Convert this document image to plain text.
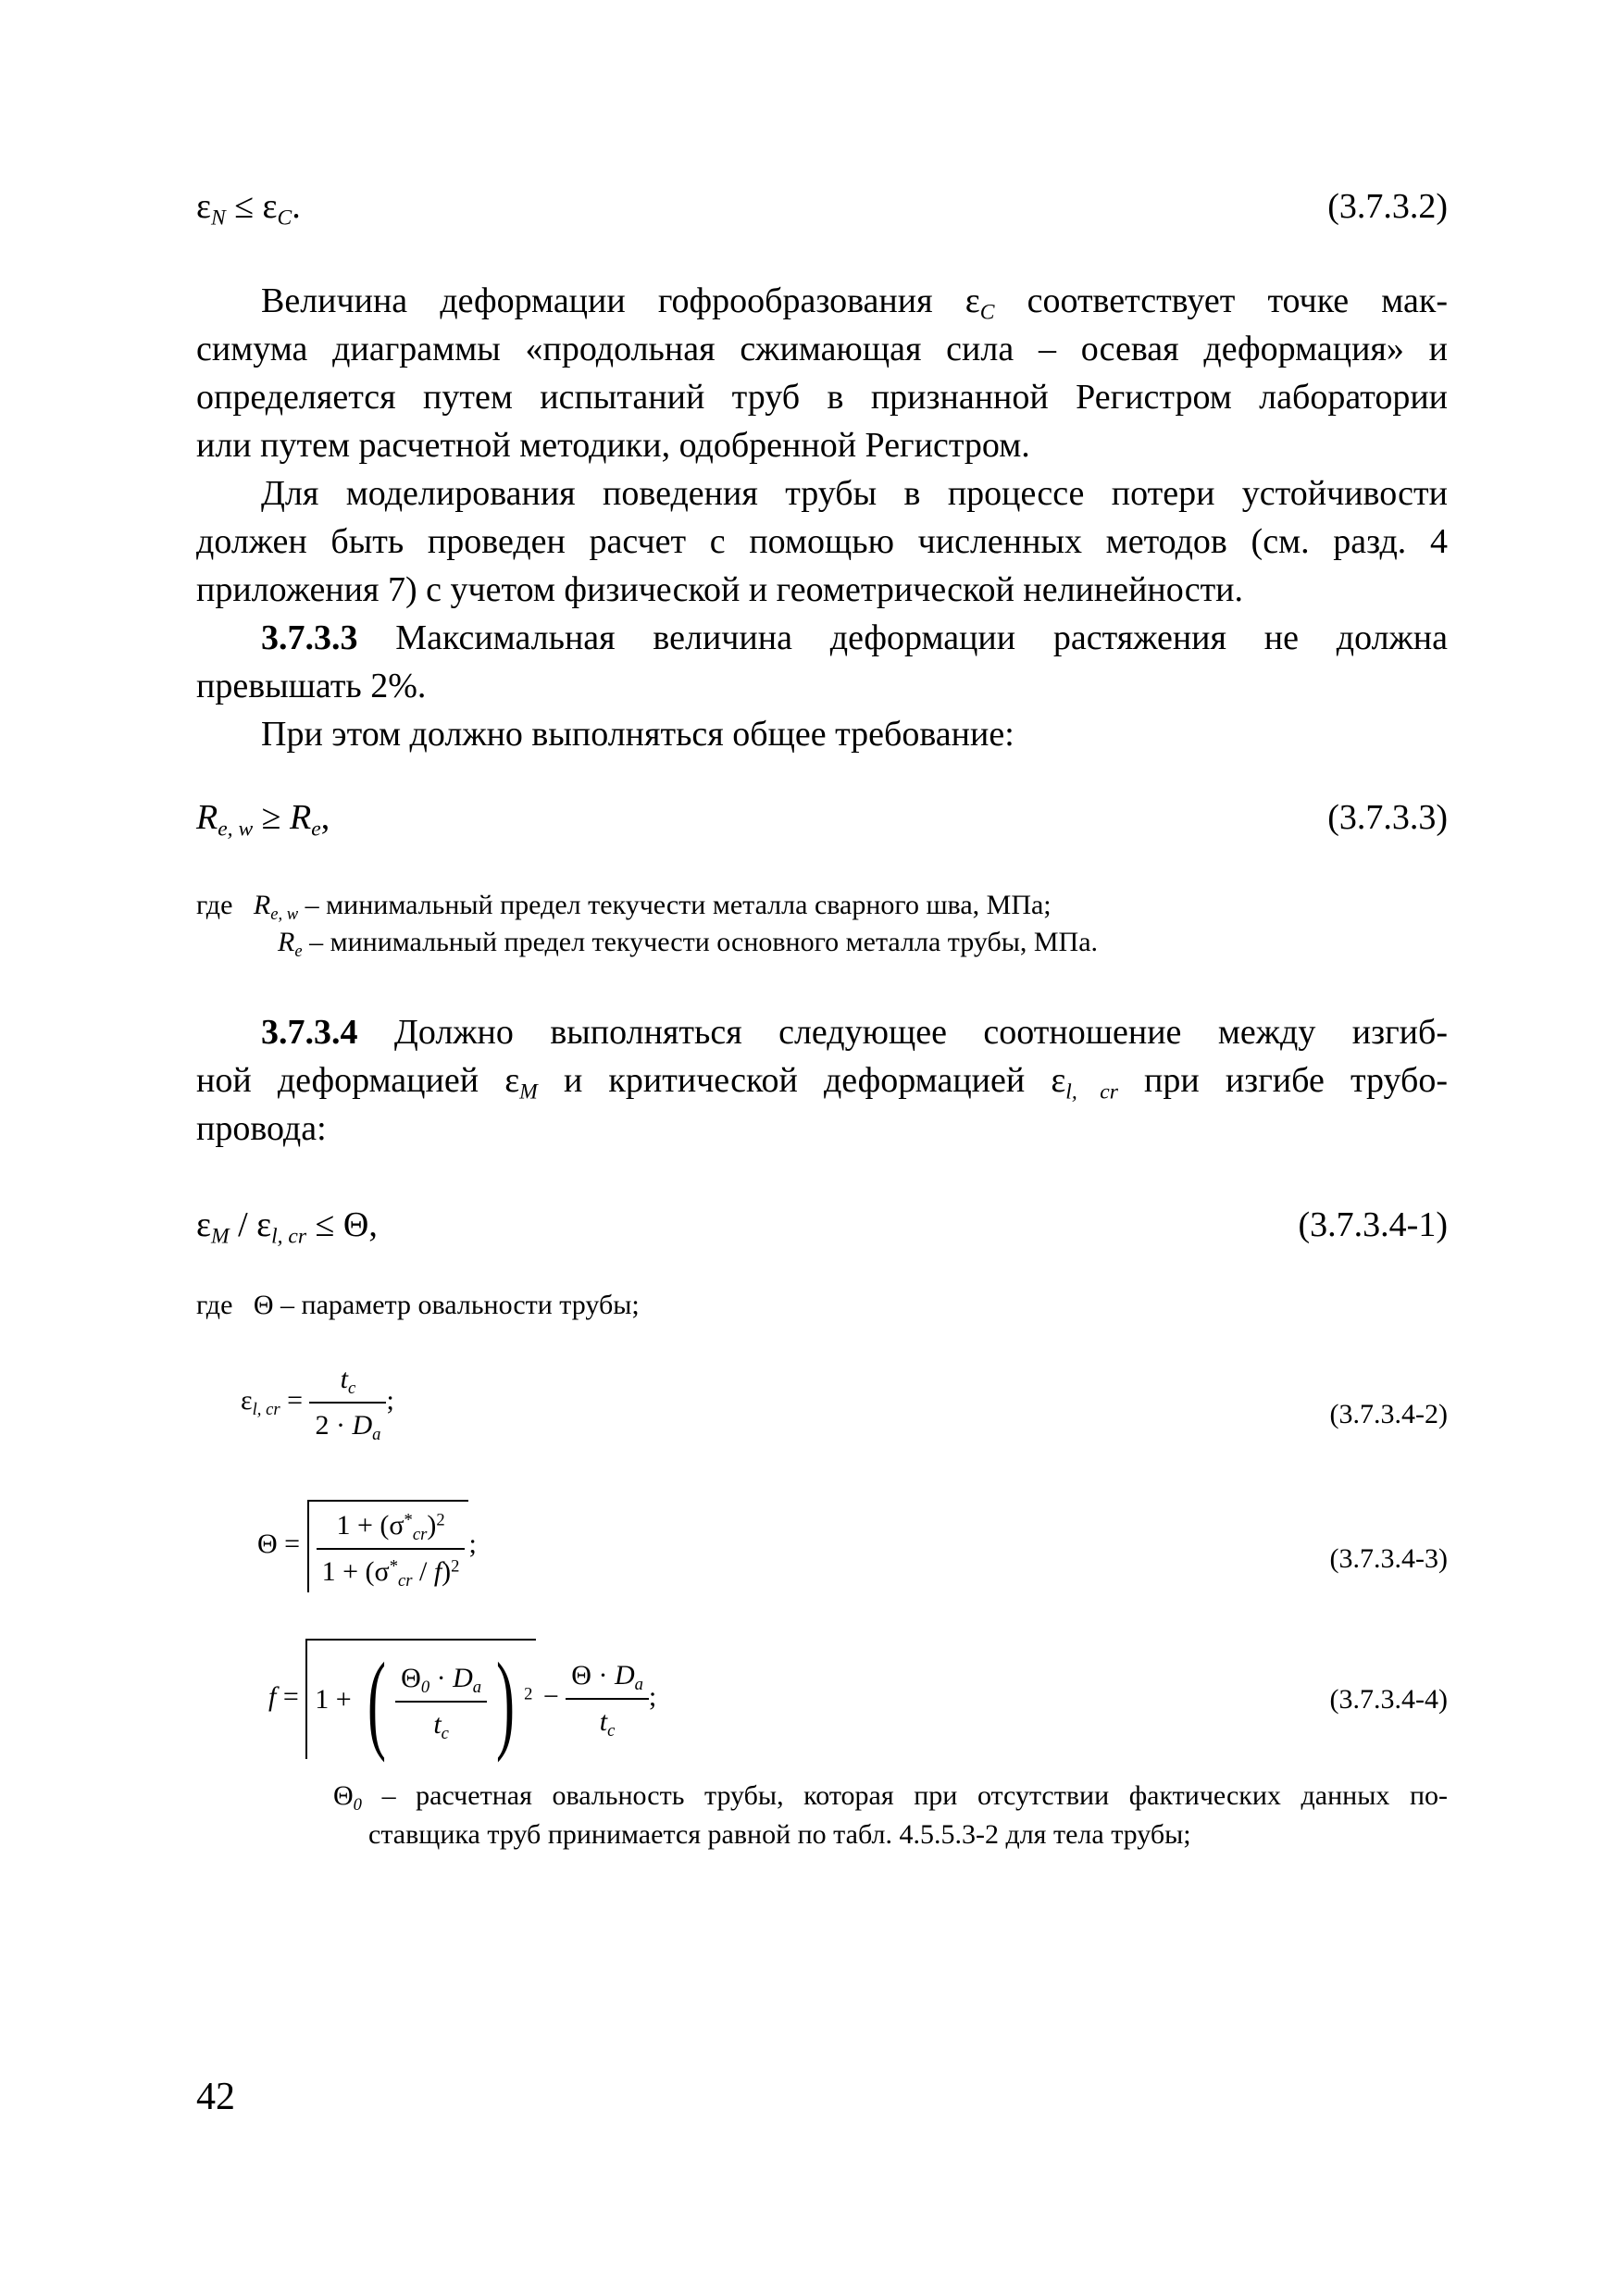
$\varepsilon_N \le \varepsilon_C$.	(3.7.3.2)
Величина деформации гофрообразования $\varepsilon_C$ соответствует точке мак-
симума диаграммы «продольная сжимающая сила – осевая деформация» и
определяется путем испытаний труб в признанной Регистром лаборатории
или путем расчетной методики, одобренной Регистром.
Для моделирования поведения трубы в процессе потери устойчивости
должен быть проведен расчет с помощью численных методов (см. разд. 4
приложения 7) с учетом физической и геометрической нелинейности.
3.7.3.3 Максимальная величина деформации растяжения не должна
превышать 2%.
При этом должно выполняться общее требование:
$R_{e, w} \ge R_e$,	(3.7.3.3)
где $R_{e, w}$ – минимальный предел текучести металла сварного шва, МПа;
$R_e$ – минимальный предел текучести основного металла трубы, МПа.
3.7.3.4 Должно выполняться следующее соотношение между изгиб-
ной деформацией $\varepsilon_M$ и критической деформацией $\varepsilon_{l, cr}$ при изгибе трубо-
провода:
$\varepsilon_M / \varepsilon_{l, cr} \le \Theta$,	(3.7.3.4-1)
где Θ – параметр овальности трубы;
$\varepsilon_{l, cr} = \frac{t_c}{2 \cdot D_a}$ ;	(3.7.3.4-2)
$\Theta = \frac{1 + (\sigma^*_{cr})^2}{1 + (\sigma^*_{cr} / f)^2}$ ;	(3.7.3.4-3)
f = 1 + ( $\frac{\Theta_0 \cdot D_a}{t_c}$ ) $^2 - \frac{\Theta \cdot D_a}{t_c}$ ;	(3.7.3.4-4)
$\Theta_0$ – расчетная овальность трубы, которая при отсутствии фактических данных по-
ставщика труб принимается равной по табл. 4.5.5.3-2 для тела трубы;
42
